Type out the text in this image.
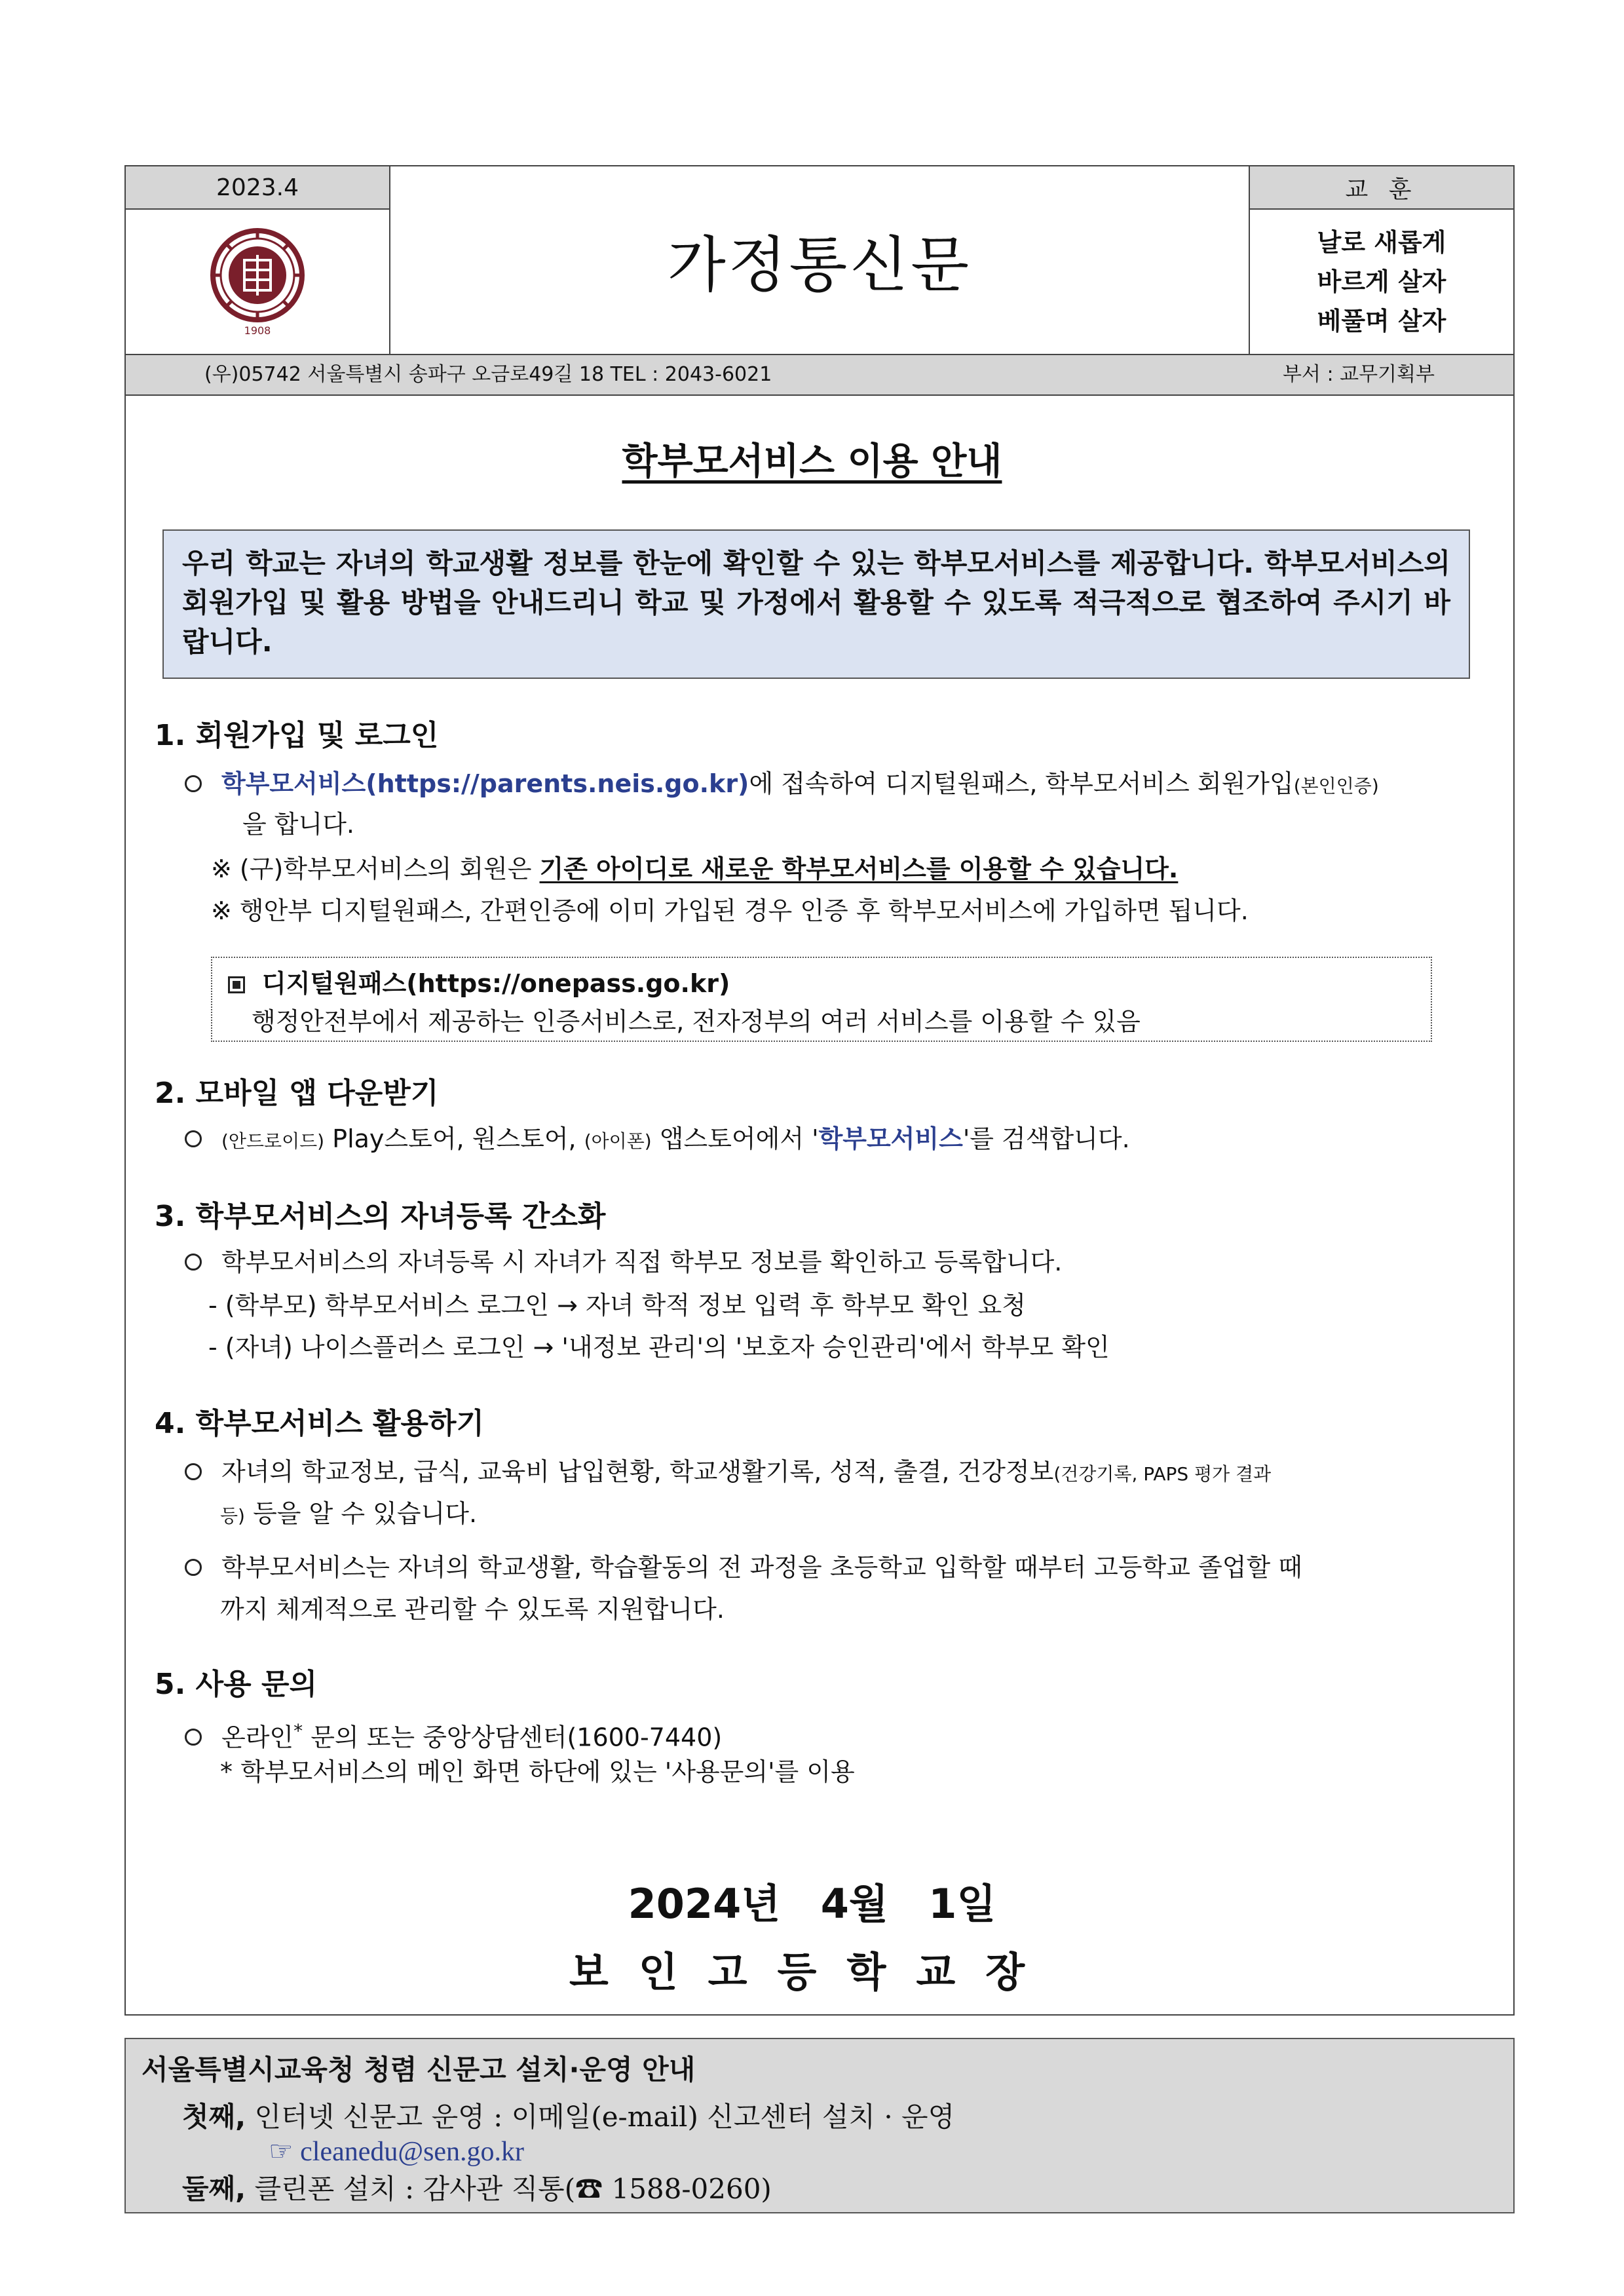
2023.4
1908
가정통신문
교 훈
날로 새롭게
바르게 살자
베풀며 살자
(우)05742 서울특별시 송파구 오금로49길 18 TEL : 2043-6021	부서 : 교무기획부
학부모서비스 이용 안내
우리 학교는 자녀의 학교생활 정보를 한눈에 확인할 수 있는 학부모서비스를 제공합니다. 학부모서비스의 회원가입 및 활용 방법을 안내드리니 학교 및 가정에서 활용할 수 있도록 적극적으로 협조하여 주시기 바랍니다.
1. 회원가입 및 로그인
학부모서비스(https://parents.neis.go.kr)에 접속하여 디지털원패스, 학부모서비스 회원가입(본인인증)
을 합니다.
※ (구)학부모서비스의 회원은 기존 아이디로 새로운 학부모서비스를 이용할 수 있습니다.
※ 행안부 디지털원패스, 간편인증에 이미 가입된 경우 인증 후 학부모서비스에 가입하면 됩니다.
디지털원패스(https://onepass.go.kr)
행정안전부에서 제공하는 인증서비스로, 전자정부의 여러 서비스를 이용할 수 있음
2. 모바일 앱 다운받기
(안드로이드) Play스토어, 원스토어, (아이폰) 앱스토어에서 '학부모서비스'를 검색합니다.
3. 학부모서비스의 자녀등록 간소화
학부모서비스의 자녀등록 시 자녀가 직접 학부모 정보를 확인하고 등록합니다.
- (학부모) 학부모서비스 로그인 → 자녀 학적 정보 입력 후 학부모 확인 요청
- (자녀) 나이스플러스 로그인 → '내정보 관리'의 '보호자 승인관리'에서 학부모 확인
4. 학부모서비스 활용하기
자녀의 학교정보, 급식, 교육비 납입현황, 학교생활기록, 성적, 출결, 건강정보(건강기록, PAPS 평가 결과
등) 등을 알 수 있습니다.
학부모서비스는 자녀의 학교생활, 학습활동의 전 과정을 초등학교 입학할 때부터 고등학교 졸업할 때
까지 체계적으로 관리할 수 있도록 지원합니다.
5. 사용 문의
온라인* 문의 또는 중앙상담센터(1600-7440)
* 학부모서비스의 메인 화면 하단에 있는 '사용문의'를 이용
2024년 4월 1일
보인고등학교장
서울특별시교육청 청렴 신문고 설치·운영 안내
첫째, 인터넷 신문고 운영 : 이메일(e-mail) 신고센터 설치 · 운영
☞ cleanedu@sen.go.kr
둘째, 클린폰 설치 : 감사관 직통(☎ 1588-0260)
